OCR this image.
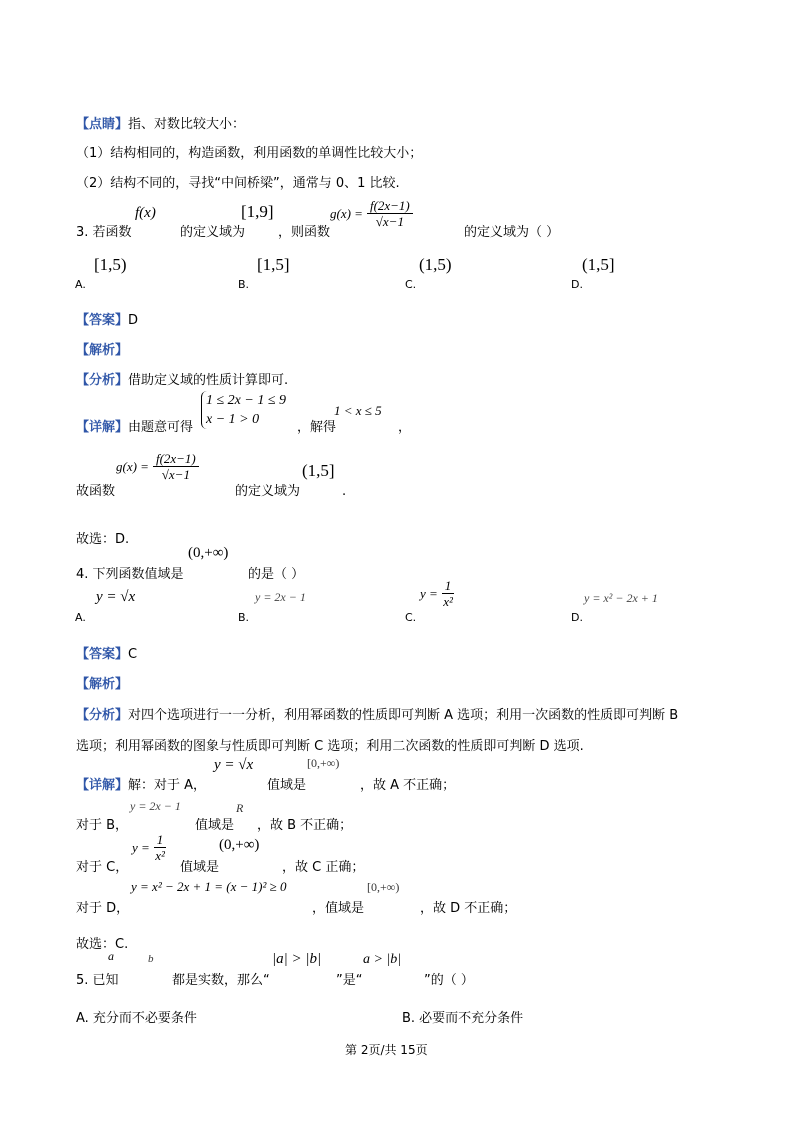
【点睛】指、对数比较大小：
（1）结构相同的，构造函数，利用函数的单调性比较大小；
（2）结构不同的，寻找“中间桥梁”，通常与 0、1 比较.
f(x)	[1,9]	$g(x) = \frac{f(2x-1)}{√x-1}$
3. 若函数	的定义域为	，则函数	的定义域为（ ）
[1,5)
A.
[1,5]
B.
(1,5)
C.
(1,5]
D.
【答案】D
【解析】
【分析】借助定义域的性质计算即可.
【详解】由题意可得
1 ≤ 2x − 1 ≤ 9
x − 1 > 0
，解得
1 < x ≤ 5
，
$g(x) = \frac{f(2x-1)}{√x-1}$
故函数	的定义域为
(1,5]
.
故选：D.
(0,+∞)
4. 下列函数值域是	的是（ ）
y = √x
A.
y = 2x − 1
B.
$y = \frac{1}{\text{x²}}$
C.
y = x² − 2x + 1
D.
【答案】C
【解析】
【分析】对四个选项进行一一分析，利用幂函数的性质即可判断 A 选项；利用一次函数的性质即可判断 B
选项；利用幂函数的图象与性质即可判断 C 选项；利用二次函数的性质即可判断 D 选项.
y = √x	[0,+∞)
【详解】解：对于 A，	值域是	，故 A 不正确；
y = 2x − 1	R
对于 B，	值域是 ，故 B 不正确；
$y = \frac{1}{\text{x²}}$	(0,+∞)
对于 C，	值域是	，故 C 正确；
y = x² − 2x + 1 = (x − 1)² ≥ 0	[0,+∞)
对于 D，	，值域是	，故 D 不正确；
故选：C.
a	b	|a| > |b|	a > |b|
5. 已知	都是实数，那么“	”是“	”的（ ）
A. 充分而不必要条件	B. 必要而不充分条件
第 2页/共 15页
